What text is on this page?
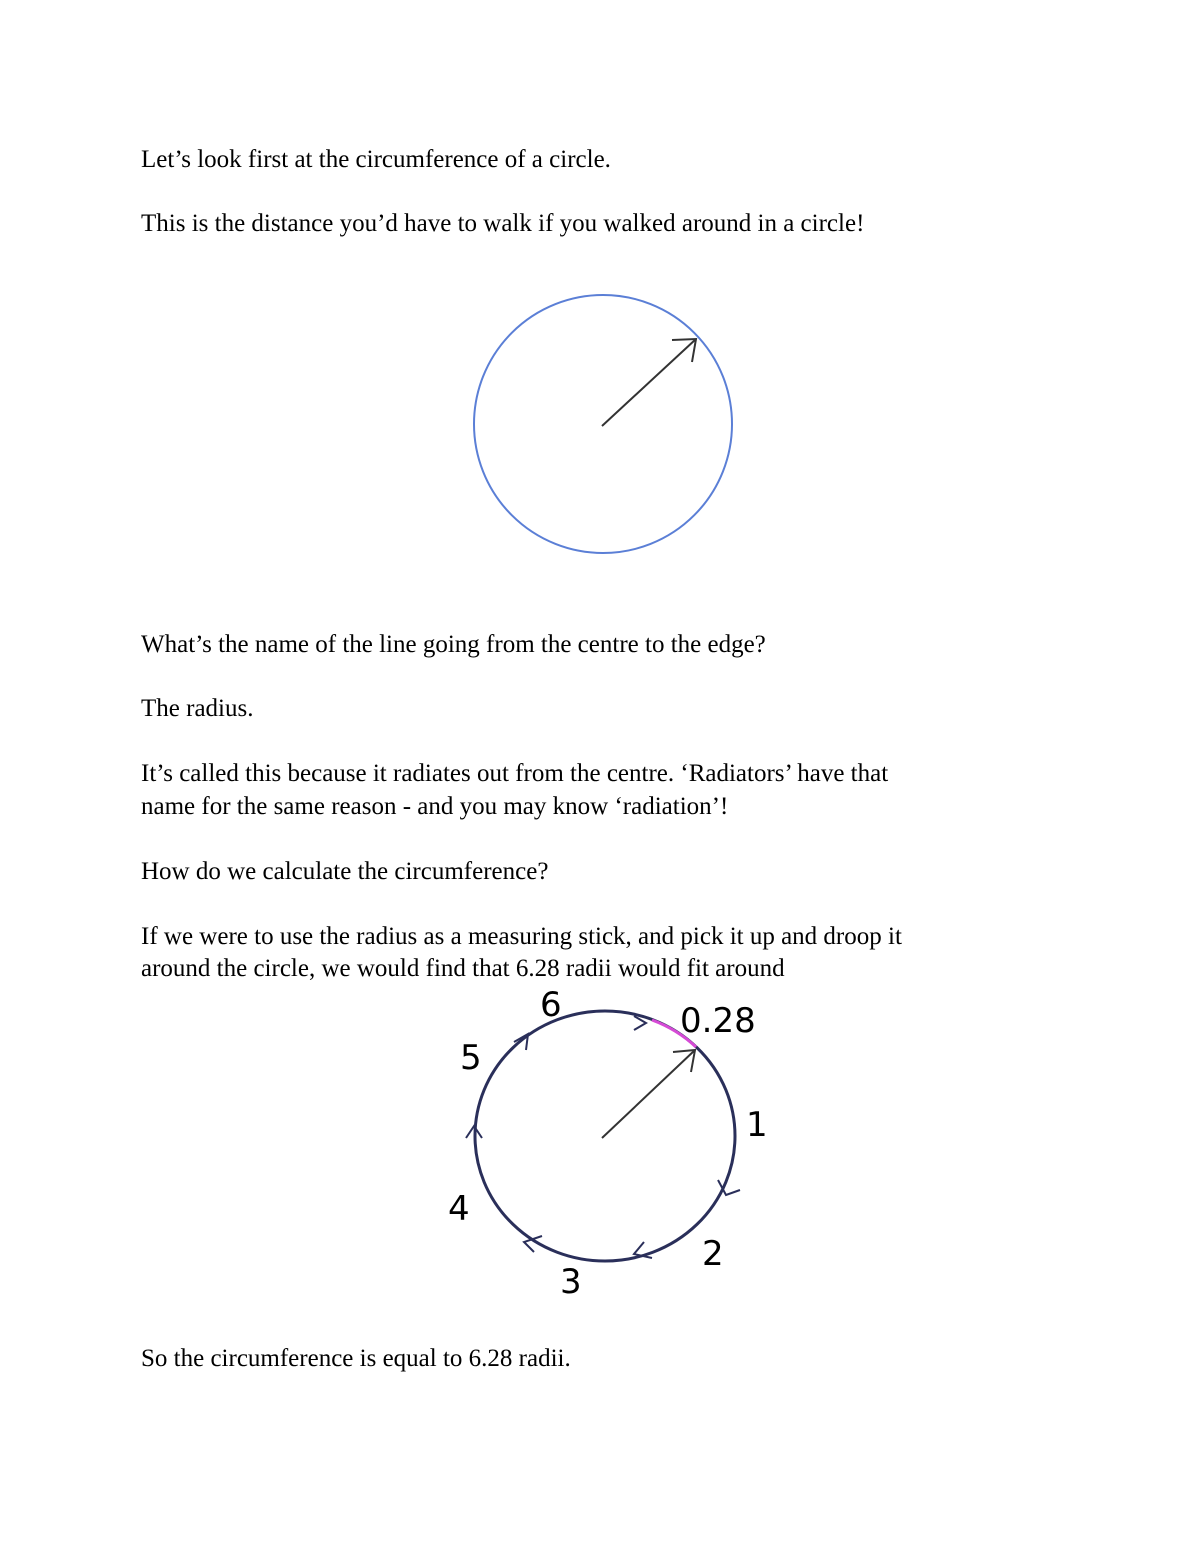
Let’s look first at the circumference of a circle.

This is the distance you’d have to walk if you walked around in a circle!

What’s the name of the line going from the centre to the edge?

The radius.

It’s called this because it radiates out from the centre. ‘Radiators’ have that

name for the same reason - and you may know ‘radiation’!

How do we calculate the circumference?

If we were to use the radius as a measuring stick, and pick it up and droop it

around the circle, we would find that 6.28 radii would fit around

1
2
3
4
5
6	0.28

So the circumference is equal to 6.28 radii.
